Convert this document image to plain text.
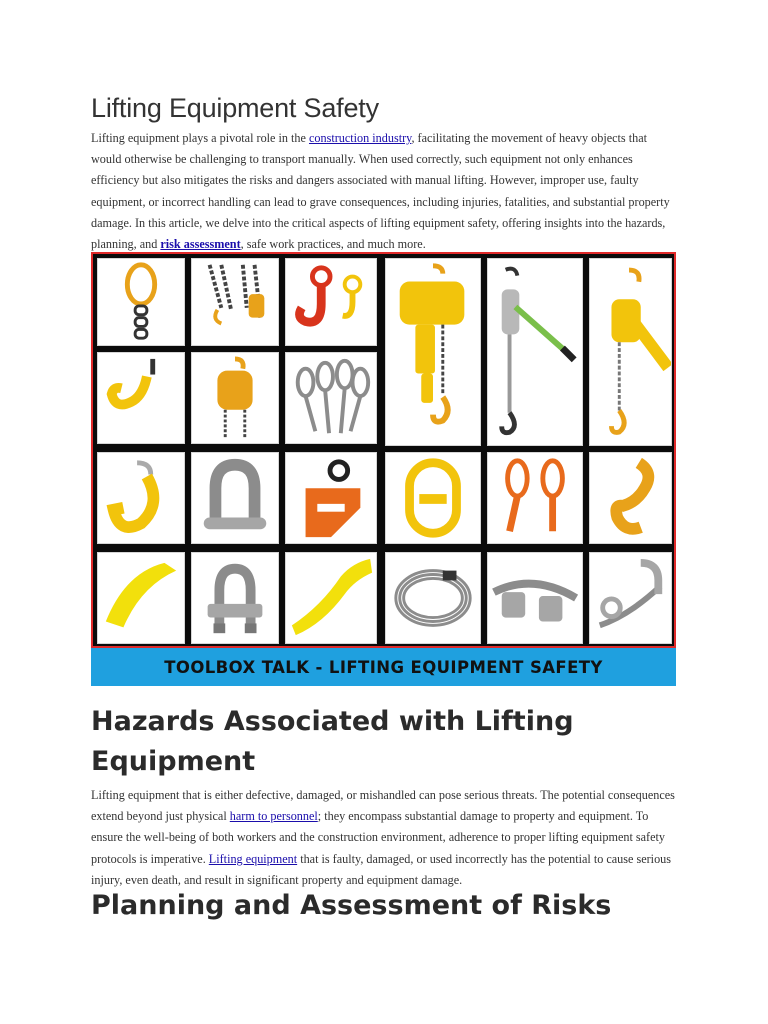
Lifting Equipment Safety

Lifting equipment plays a pivotal role in the construction industry, facilitating the movement of heavy objects that would otherwise be challenging to transport manually. When used correctly, such equipment not only enhances efficiency but also mitigates the risks and dangers associated with manual lifting. However, improper use, faulty equipment, or incorrect handling can lead to grave consequences, including injuries, fatalities, and substantial property damage. In this article, we delve into the critical aspects of lifting equipment safety, offering insights into the hazards, planning, and risk assessment, safe work practices, and much more.

TOOLBOX TALK - LIFTING EQUIPMENT SAFETY
Hazards Associated with Lifting Equipment

Lifting equipment that is either defective, damaged, or mishandled can pose serious threats. The potential consequences extend beyond just physical harm to personnel; they encompass substantial damage to property and equipment. To ensure the well-being of both workers and the construction environment, adherence to proper lifting equipment safety protocols is imperative. Lifting equipment that is faulty, damaged, or used incorrectly has the potential to cause serious injury, even death, and result in significant property and equipment damage.

Planning and Assessment of Risks
